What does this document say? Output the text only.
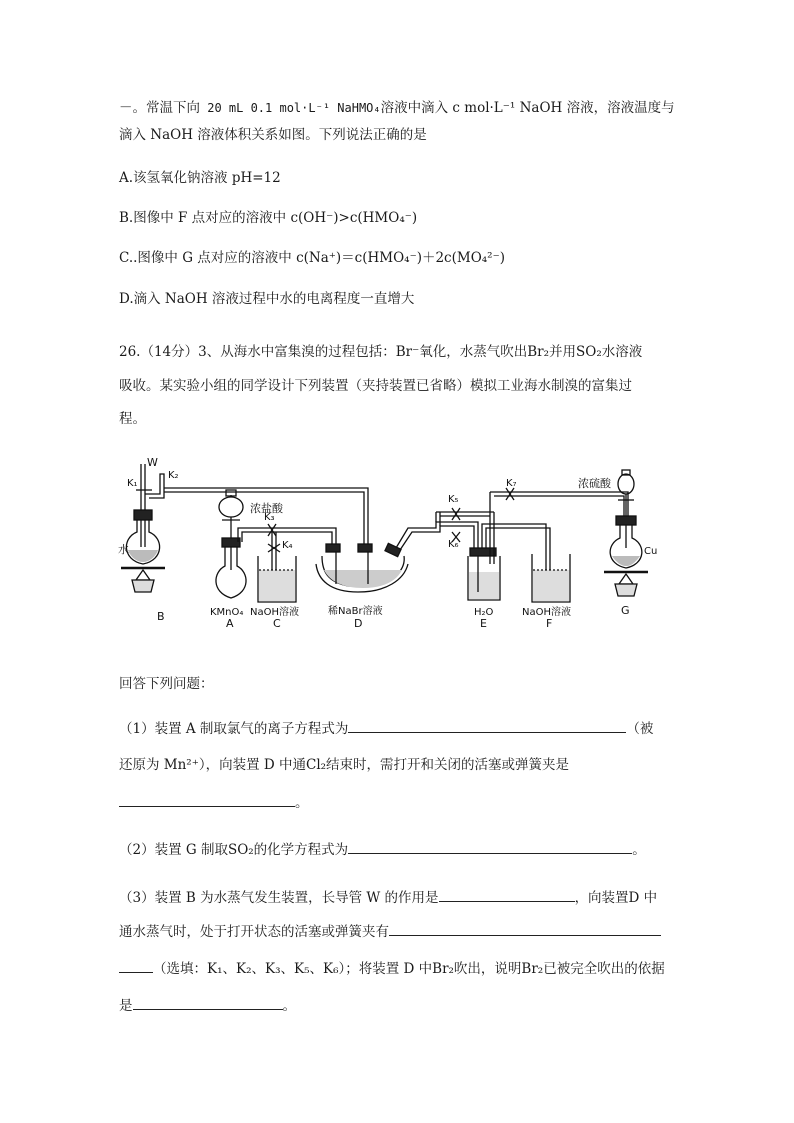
－。常温下向 20 mL 0.1 mol·L⁻¹ NaHMO₄溶液中滴入 c mol·L⁻¹ NaOH 溶液，溶液温度与
滴入 NaOH 溶液体积关系如图。下列说法正确的是
A.该氢氧化钠溶液 pH=12
B.图像中 F 点对应的溶液中 c(OH⁻)>c(HMO₄⁻)
C..图像中 G 点对应的溶液中 c(Na⁺)＝c(HMO₄⁻)＋2c(MO₄²⁻)
D.滴入 NaOH 溶液过程中水的电离程度一直增大
26.（14分）3、从海水中富集溴的过程包括：Br⁻氧化，水蒸气吹出Br₂并用SO₂水溶液
吸收。某实验小组的同学设计下列装置（夹持装置已省略）模拟工业海水制溴的富集过
程。
W
K₁
K₂
水
B
浓盐酸
KMnO₄
A
K₃
K₄
NaOH溶液
C
稀NaBr溶液
D
K₅
K₆
H₂O
E
K₇
NaOH溶液
F
浓硫酸
Cu
G
回答下列问题：
（1）装置 A 制取氯气的离子方程式为	（被
还原为 Mn²⁺），向装置 D 中通Cl₂结束时，需打开和关闭的活塞或弹簧夹是
。
（2）装置 G 制取SO₂的化学方程式为	。
（3）装置 B 为水蒸气发生装置，长导管 W 的作用是	，向装置D 中
通水蒸气时，处于打开状态的活塞或弹簧夹有
（选填：K₁、K₂、K₃、K₅、K₆）；将装置 D 中Br₂吹出，说明Br₂已被完全吹出的依据
是	。
